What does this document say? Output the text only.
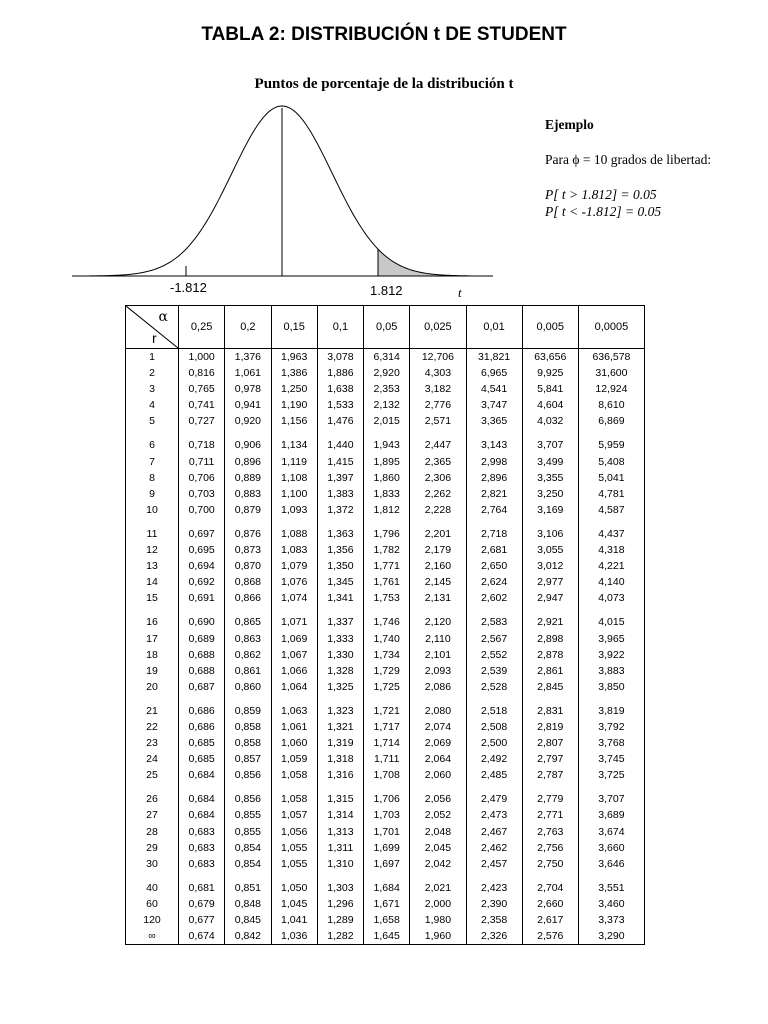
TABLA 2: DISTRIBUCIÓN t DE STUDENT
Puntos de porcentaje de la distribución t
-1.812	1.812	t
Ejemplo
Para ϕ = 10 grados de libertad:
P[ t > 1.812] = 0.05
P[ t < -1.812] = 0.05
α
r	0,25	0,2	0,15	0,1	0,05	0,025	0,01	0,005	0,0005
1	1,000	1,376	1,963	3,078	6,314	12,706	31,821	63,656	636,578
2	0,816	1,061	1,386	1,886	2,920	4,303	6,965	9,925	31,600
3	0,765	0,978	1,250	1,638	2,353	3,182	4,541	5,841	12,924
4	0,741	0,941	1,190	1,533	2,132	2,776	3,747	4,604	8,610
5	0,727	0,920	1,156	1,476	2,015	2,571	3,365	4,032	6,869

6	0,718	0,906	1,134	1,440	1,943	2,447	3,143	3,707	5,959
7	0,711	0,896	1,119	1,415	1,895	2,365	2,998	3,499	5,408
8	0,706	0,889	1,108	1,397	1,860	2,306	2,896	3,355	5,041
9	0,703	0,883	1,100	1,383	1,833	2,262	2,821	3,250	4,781
10	0,700	0,879	1,093	1,372	1,812	2,228	2,764	3,169	4,587

11	0,697	0,876	1,088	1,363	1,796	2,201	2,718	3,106	4,437
12	0,695	0,873	1,083	1,356	1,782	2,179	2,681	3,055	4,318
13	0,694	0,870	1,079	1,350	1,771	2,160	2,650	3,012	4,221
14	0,692	0,868	1,076	1,345	1,761	2,145	2,624	2,977	4,140
15	0,691	0,866	1,074	1,341	1,753	2,131	2,602	2,947	4,073

16	0,690	0,865	1,071	1,337	1,746	2,120	2,583	2,921	4,015
17	0,689	0,863	1,069	1,333	1,740	2,110	2,567	2,898	3,965
18	0,688	0,862	1,067	1,330	1,734	2,101	2,552	2,878	3,922
19	0,688	0,861	1,066	1,328	1,729	2,093	2,539	2,861	3,883
20	0,687	0,860	1,064	1,325	1,725	2,086	2,528	2,845	3,850

21	0,686	0,859	1,063	1,323	1,721	2,080	2,518	2,831	3,819
22	0,686	0,858	1,061	1,321	1,717	2,074	2,508	2,819	3,792
23	0,685	0,858	1,060	1,319	1,714	2,069	2,500	2,807	3,768
24	0,685	0,857	1,059	1,318	1,711	2,064	2,492	2,797	3,745
25	0,684	0,856	1,058	1,316	1,708	2,060	2,485	2,787	3,725

26	0,684	0,856	1,058	1,315	1,706	2,056	2,479	2,779	3,707
27	0,684	0,855	1,057	1,314	1,703	2,052	2,473	2,771	3,689
28	0,683	0,855	1,056	1,313	1,701	2,048	2,467	2,763	3,674
29	0,683	0,854	1,055	1,311	1,699	2,045	2,462	2,756	3,660
30	0,683	0,854	1,055	1,310	1,697	2,042	2,457	2,750	3,646

40	0,681	0,851	1,050	1,303	1,684	2,021	2,423	2,704	3,551
60	0,679	0,848	1,045	1,296	1,671	2,000	2,390	2,660	3,460
120	0,677	0,845	1,041	1,289	1,658	1,980	2,358	2,617	3,373
∞	0,674	0,842	1,036	1,282	1,645	1,960	2,326	2,576	3,290
